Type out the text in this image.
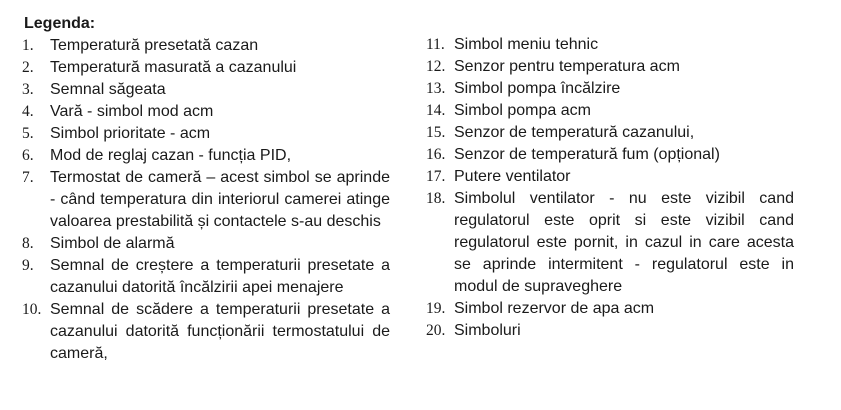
Legenda:
1.	Temperatură presetată cazan
2.	Temperatură masurată a cazanului
3.	Semnal săgeata
4.	Vară - simbol mod acm
5.	Simbol prioritate - acm
6.	Mod de reglaj cazan - funcția PID,
7.	Termostat de cameră – acest simbol se aprinde - când temperatura din interiorul camerei atinge valoarea prestabilită și contactele s-au deschis
8.	Simbol de alarmă
9.	Semnal de creștere a temperaturii presetate a cazanului datorită încălzirii apei menajere
10. Semnal de scădere a temperaturii presetate a cazanului datorită funcționării termostatului de cameră,
11. Simbol meniu tehnic
12. Senzor pentru temperatura acm
13. Simbol pompa încălzire
14. Simbol pompa acm
15. Senzor de temperatură cazanului,
16. Senzor de temperatură fum (opțional)
17. Putere ventilator
18. Simbolul ventilator - nu este vizibil cand regulatorul este oprit si este vizibil cand regulatorul este pornit, in cazul in care acesta se aprinde intermitent - regulatorul este in modul de supraveghere
19. Simbol rezervor de apa acm
20. Simboluri
